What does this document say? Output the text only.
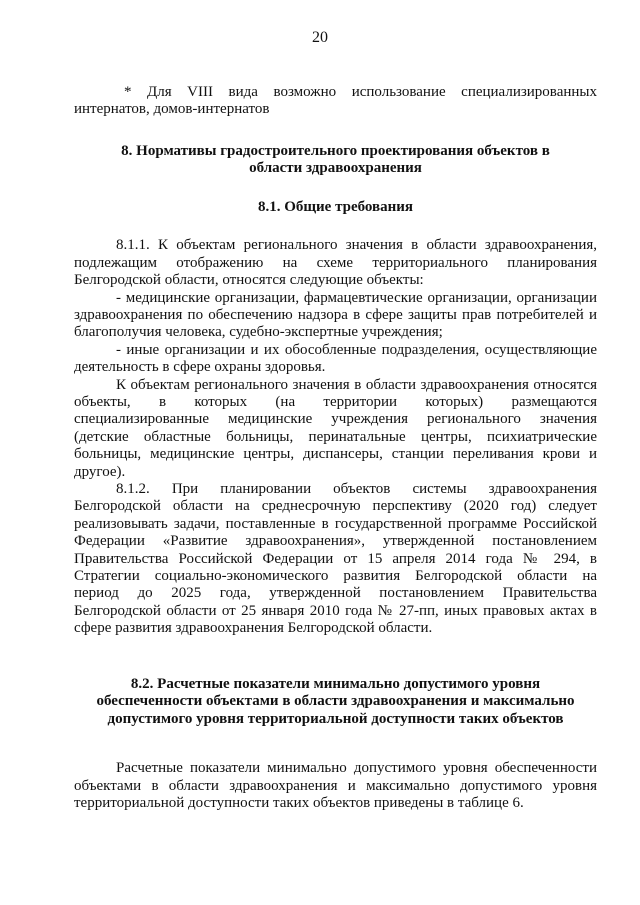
20
* Для VIII вида возможно использование специализированных
интернатов, домов-интернатов
8. Нормативы градостроительного проектирования объектов в
области здравоохранения
8.1. Общие требования
8.1.1. К объектам регионального значения в области здравоохранения,
подлежащим отображению на схеме территориального планирования
Белгородской области, относятся следующие объекты:
- медицинские организации, фармацевтические организации, организации
здравоохранения по обеспечению надзора в сфере защиты прав потребителей и
благополучия человека, судебно-экспертные учреждения;
- иные организации и их обособленные подразделения, осуществляющие
деятельность в сфере охраны здоровья.
К объектам регионального значения в области здравоохранения относятся
объекты, в которых (на территории которых) размещаются
специализированные медицинские учреждения регионального значения
(детские областные больницы, перинатальные центры, психиатрические
больницы, медицинские центры, диспансеры, станции переливания крови и
другое).
8.1.2. При планировании объектов системы здравоохранения
Белгородской области на среднесрочную перспективу (2020 год) следует
реализовывать задачи, поставленные в государственной программе Российской
Федерации «Развитие здравоохранения», утвержденной постановлением
Правительства Российской Федерации от 15 апреля 2014 года № 294, в
Стратегии социально-экономического развития Белгородской области на
период до 2025 года, утвержденной постановлением Правительства
Белгородской области от 25 января 2010 года № 27-пп, иных правовых актах в
сфере развития здравоохранения Белгородской области.
8.2. Расчетные показатели минимально допустимого уровня
обеспеченности объектами в области здравоохранения и максимально
допустимого уровня территориальной доступности таких объектов
Расчетные показатели минимально допустимого уровня обеспеченности
объектами в области здравоохранения и максимально допустимого уровня
территориальной доступности таких объектов приведены в таблице 6.
